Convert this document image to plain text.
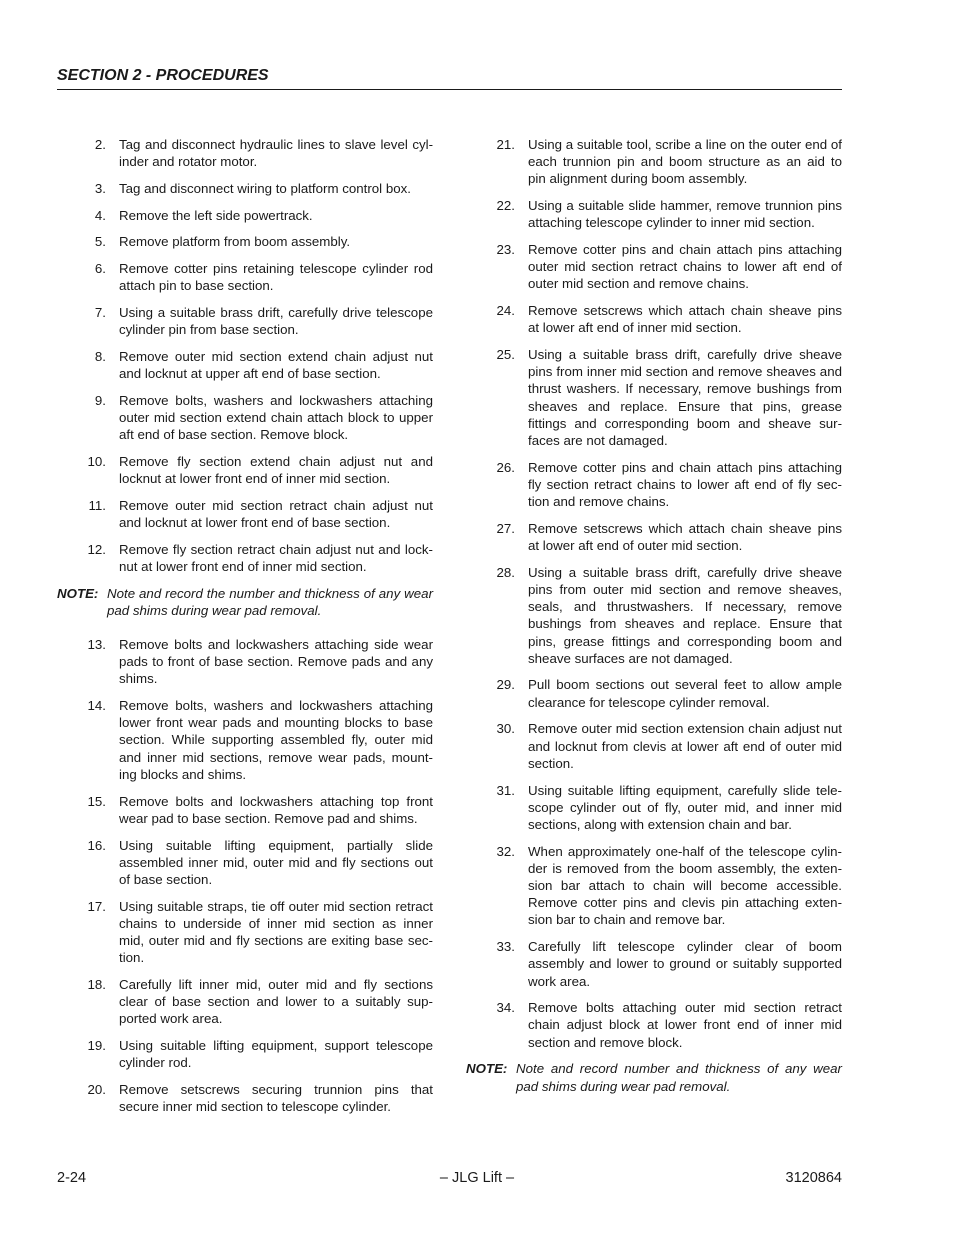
SECTION 2 - PROCEDURES
2. Tag and disconnect hydraulic lines to slave level cyl-inder and rotator motor.
3. Tag and disconnect wiring to platform control box.
4. Remove the left side powertrack.
5. Remove platform from boom assembly.
6. Remove cotter pins retaining telescope cylinder rod attach pin to base section.
7. Using a suitable brass drift, carefully drive telescope cylinder pin from base section.
8. Remove outer mid section extend chain adjust nut and locknut at upper aft end of base section.
9. Remove bolts, washers and lockwashers attaching outer mid section extend chain attach block to upper aft end of base section. Remove block.
10. Remove fly section extend chain adjust nut and locknut at lower front end of inner mid section.
11. Remove outer mid section retract chain adjust nut and locknut at lower front end of base section.
12. Remove fly section retract chain adjust nut and lock-nut at lower front end of inner mid section.
NOTE: Note and record the number and thickness of any wear pad shims during wear pad removal.
13. Remove bolts and lockwashers attaching side wear pads to front of base section. Remove pads and any shims.
14. Remove bolts, washers and lockwashers attaching lower front wear pads and mounting blocks to base section. While supporting assembled fly, outer mid and inner mid sections, remove wear pads, mount-ing blocks and shims.
15. Remove bolts and lockwashers attaching top front wear pad to base section. Remove pad and shims.
16. Using suitable lifting equipment, partially slide assembled inner mid, outer mid and fly sections out of base section.
17. Using suitable straps, tie off outer mid section retract chains to underside of inner mid section as inner mid, outer mid and fly sections are exiting base sec-tion.
18. Carefully lift inner mid, outer mid and fly sections clear of base section and lower to a suitably sup-ported work area.
19. Using suitable lifting equipment, support telescope cylinder rod.
20. Remove setscrews securing trunnion pins that secure inner mid section to telescope cylinder.
21. Using a suitable tool, scribe a line on the outer end of each trunnion pin and boom structure as an aid to pin alignment during boom assembly.
22. Using a suitable slide hammer, remove trunnion pins attaching telescope cylinder to inner mid section.
23. Remove cotter pins and chain attach pins attaching outer mid section retract chains to lower aft end of outer mid section and remove chains.
24. Remove setscrews which attach chain sheave pins at lower aft end of inner mid section.
25. Using a suitable brass drift, carefully drive sheave pins from inner mid section and remove sheaves and thrust washers. If necessary, remove bushings from sheaves and replace. Ensure that pins, grease fittings and corresponding boom and sheave sur-faces are not damaged.
26. Remove cotter pins and chain attach pins attaching fly section retract chains to lower aft end of fly sec-tion and remove chains.
27. Remove setscrews which attach chain sheave pins at lower aft end of outer mid section.
28. Using a suitable brass drift, carefully drive sheave pins from outer mid section and remove sheaves, seals, and thrustwashers. If necessary, remove bushings from sheaves and replace. Ensure that pins, grease fittings and corresponding boom and sheave surfaces are not damaged.
29. Pull boom sections out several feet to allow ample clearance for telescope cylinder removal.
30. Remove outer mid section extension chain adjust nut and locknut from clevis at lower aft end of outer mid section.
31. Using suitable lifting equipment, carefully slide tele-scope cylinder out of fly, outer mid, and inner mid sections, along with extension chain and bar.
32. When approximately one-half of the telescope cylin-der is removed from the boom assembly, the exten-sion bar attach to chain will become accessible. Remove cotter pins and clevis pin attaching exten-sion bar to chain and remove bar.
33. Carefully lift telescope cylinder clear of boom assembly and lower to ground or suitably supported work area.
34. Remove bolts attaching outer mid section retract chain adjust block at lower front end of inner mid section and remove block.
NOTE: Note and record number and thickness of any wear pad shims during wear pad removal.
2-24	– JLG Lift –	3120864
